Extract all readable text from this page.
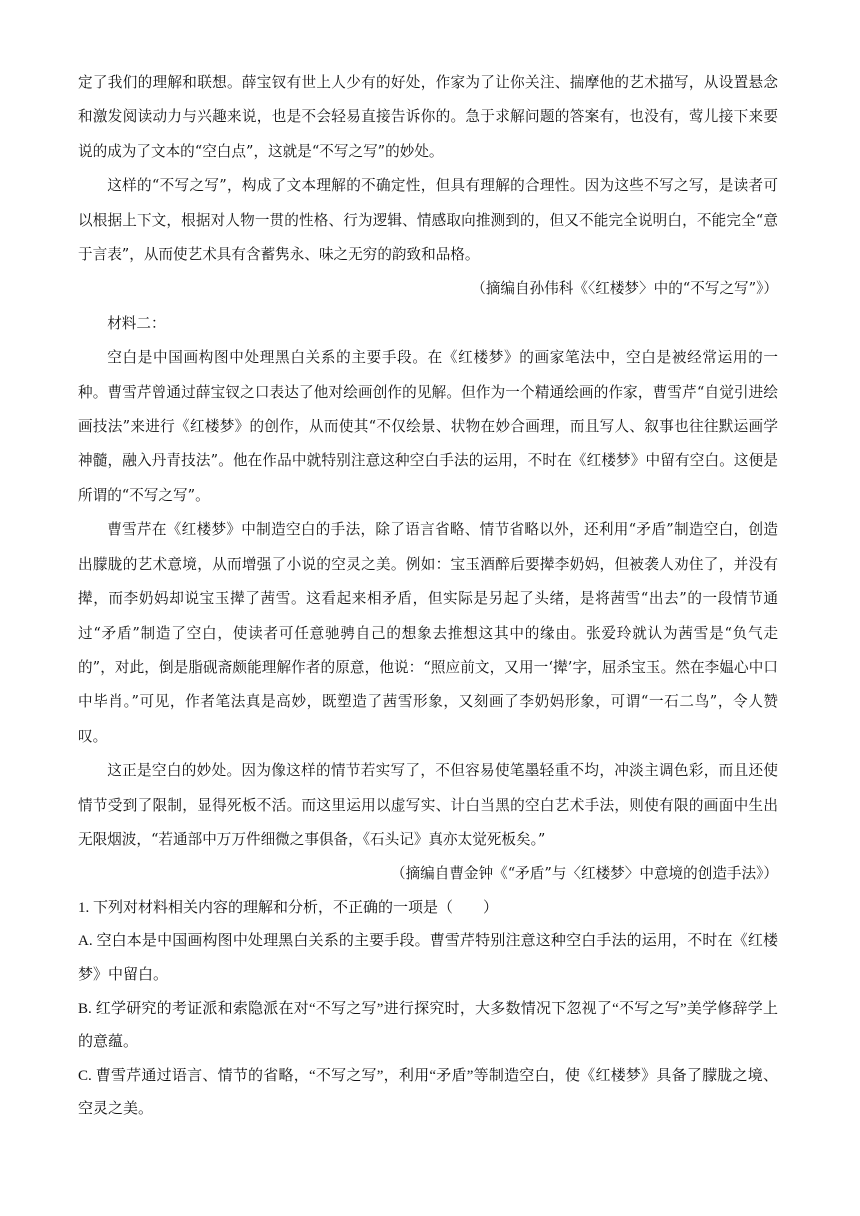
定了我们的理解和联想。薛宝钗有世上人少有的好处，作家为了让你关注、揣摩他的艺术描写，从设置悬念和激发阅读动力与兴趣来说，也是不会轻易直接告诉你的。急于求解问题的答案有，也没有，莺儿接下来要说的成为了文本的“空白点”，这就是“不写之写”的妙处。

这样的“不写之写”，构成了文本理解的不确定性，但具有理解的合理性。因为这些不写之写，是读者可以根据上下文，根据对人物一贯的性格、行为逻辑、情感取向推测到的，但又不能完全说明白，不能完全“意于言表”，从而使艺术具有含蓄隽永、味之无穷的韵致和品格。

（摘编自孙伟科《〈红楼梦〉中的“不写之写”》）

材料二：

空白是中国画构图中处理黑白关系的主要手段。在《红楼梦》的画家笔法中，空白是被经常运用的一种。曹雪芹曾通过薛宝钗之口表达了他对绘画创作的见解。但作为一个精通绘画的作家，曹雪芹“自觉引进绘画技法”来进行《红楼梦》的创作，从而使其“不仅绘景、状物在妙合画理，而且写人、叙事也往往默运画学神髓，融入丹青技法”。他在作品中就特别注意这种空白手法的运用，不时在《红楼梦》中留有空白。这便是所谓的“不写之写”。

曹雪芹在《红楼梦》中制造空白的手法，除了语言省略、情节省略以外，还利用“矛盾”制造空白，创造出朦胧的艺术意境，从而增强了小说的空灵之美。例如：宝玉酒醉后要撵李奶妈，但被袭人劝住了，并没有撵，而李奶妈却说宝玉撵了茜雪。这看起来相矛盾，但实际是另起了头绪，是将茜雪“出去”的一段情节通过“矛盾”制造了空白，使读者可任意驰骋自己的想象去推想这其中的缘由。张爱玲就认为茜雪是“负气走的”，对此，倒是脂砚斋颇能理解作者的原意，他说：“照应前文，又用一‘撵’字，屈杀宝玉。然在李媪心中口中毕肖。”可见，作者笔法真是高妙，既塑造了茜雪形象，又刻画了李奶妈形象，可谓“一石二鸟”，令人赞叹。

这正是空白的妙处。因为像这样的情节若实写了，不但容易使笔墨轻重不均，冲淡主调色彩，而且还使情节受到了限制，显得死板不活。而这里运用以虚写实、计白当黑的空白艺术手法，则使有限的画面中生出无限烟波，“若通部中万万件细微之事俱备，《石头记》真亦太觉死板矣。”

（摘编自曹金钟《“矛盾”与〈红楼梦〉中意境的创造手法》）

1. 下列对材料相关内容的理解和分析，不正确的一项是（　　）

A. 空白本是中国画构图中处理黑白关系的主要手段。曹雪芹特别注意这种空白手法的运用，不时在《红楼梦》中留白。

B. 红学研究的考证派和索隐派在对“不写之写”进行探究时，大多数情况下忽视了“不写之写”美学修辞学上的意蕴。

C. 曹雪芹通过语言、情节的省略，“不写之写”，利用“矛盾”等制造空白，使《红楼梦》具备了朦胧之境、空灵之美。
